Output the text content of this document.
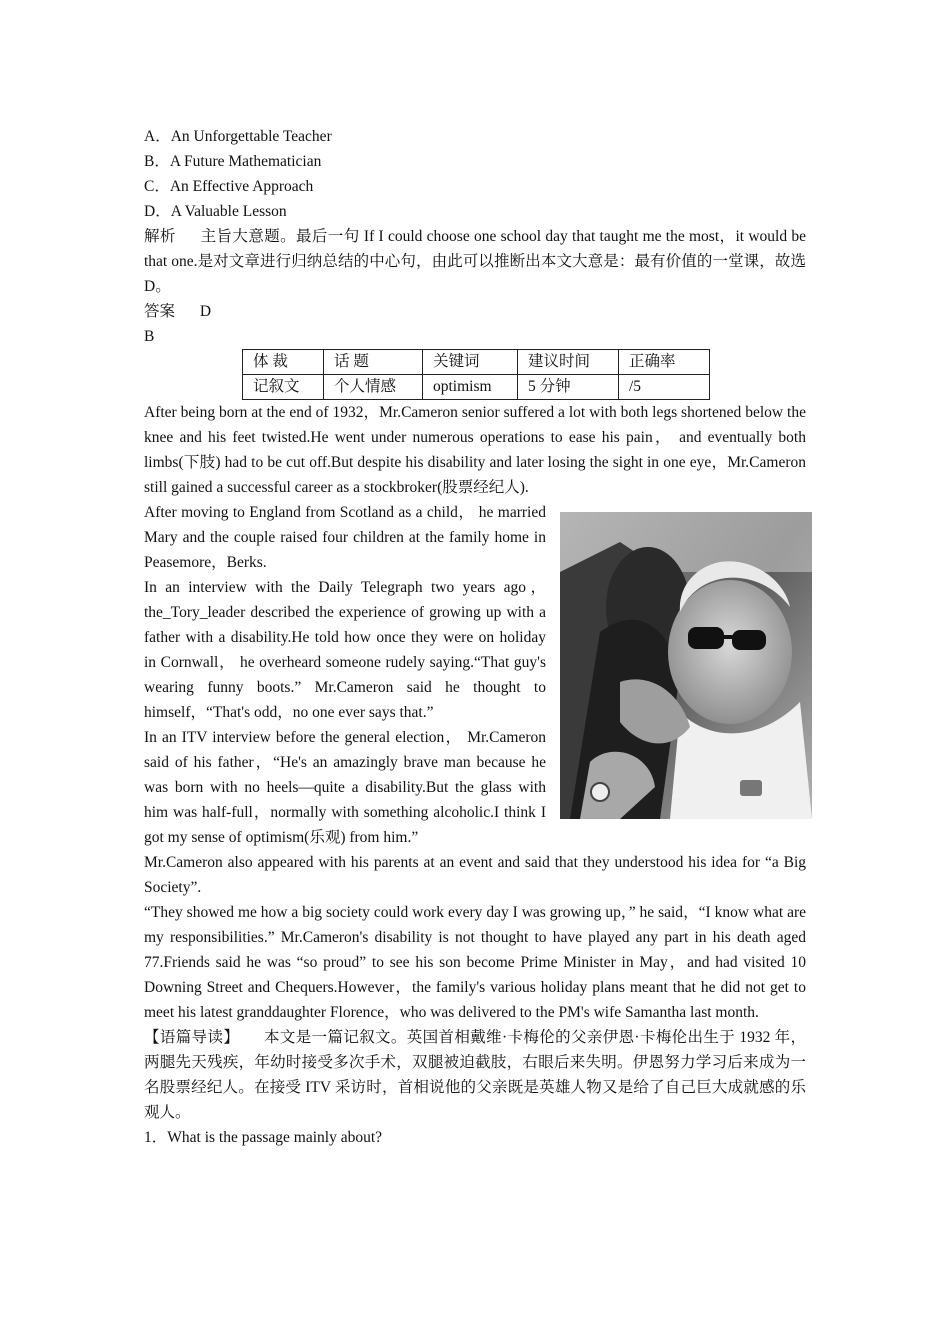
A．An Unforgettable Teacher

B．A Future Mathematician

C．An Effective Approach

D．A Valuable Lesson

解析 主旨大意题。最后一句 If I could choose one school day that taught me the most，it would be that one.是对文章进行归纳总结的中心句，由此可以推断出本文大意是：最有价值的一堂课，故选 D。

答案 D

B

体 裁	话 题	关键词	建议时间	正确率
记叙文	个人情感	optimism	5 分钟	/5

After being born at the end of 1932，Mr.Cameron senior suffered a lot with both legs shortened below the knee and his feet twisted.He went under numerous operations to ease his pain， and eventually both limbs(下肢) had to be cut off.But despite his disability and later losing the sight in one eye，Mr.Cameron still gained a successful career as a stockbroker(股票经纪人).

After moving to England from Scotland as a child， he married Mary and the couple raised four children at the family home in Peasemore，Berks.

In an interview with the Daily Telegraph two years ago， the_Tory_leader described the experience of growing up with a father with a disability.He told how once they were on holiday in Cornwall， he overheard someone rudely saying.“That guy's wearing funny boots.” Mr.Cameron said he thought to himself，“That's odd，no one ever says that.”

In an ITV interview before the general election， Mr.Cameron said of his father，“He's an amazingly brave man because he was born with no heels—quite a disability.But the glass with him was half-full，normally with something alcoholic.I think I got my sense of optimism(乐观) from him.”

Mr.Cameron also appeared with his parents at an event and said that they understood his idea for “a Big Society”.

“They showed me how a big society could work every day I was growing up，” he said，“I know what are my responsibilities.” Mr.Cameron's disability is not thought to have played any part in his death aged 77.Friends said he was “so proud” to see his son become Prime Minister in May，and had visited 10 Downing Street and Chequers.However，the family's various holiday plans meant that he did not get to meet his latest granddaughter Florence，who was delivered to the PM's wife Samantha last month.

【语篇导读】 本文是一篇记叙文。英国首相戴维·卡梅伦的父亲伊恩·卡梅伦出生于 1932 年，两腿先天残疾，年幼时接受多次手术，双腿被迫截肢，右眼后来失明。伊恩努力学习后来成为一名股票经纪人。在接受 ITV 采访时，首相说他的父亲既是英雄人物又是给了自己巨大成就感的乐观人。

1．What is the passage mainly about?
